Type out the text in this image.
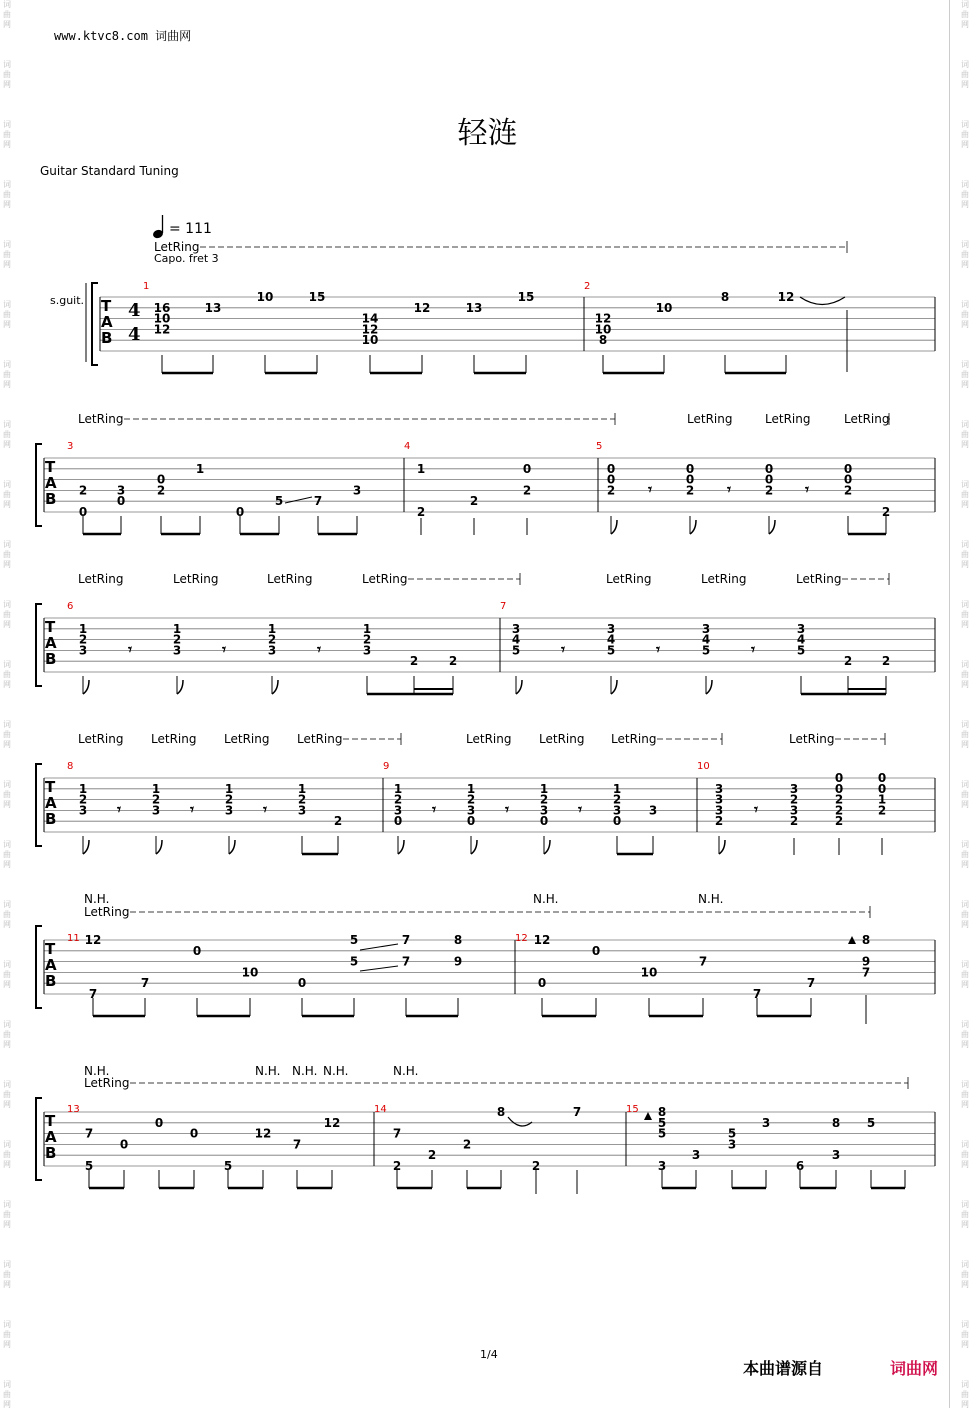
词
曲
网
词
曲
网
词
曲
网
词
曲
网
词
曲
网
词
曲
网
词
曲
网
词
曲
网
词
曲
网
词
曲
网
词
曲
网
词
曲
网
词
曲
网
词
曲
网
词
曲
网
词
曲
网
词
曲
网
词
曲
网
词
曲
网
词
曲
网
词
曲
网
词
曲
网
词
曲
网
词
曲
网
词
曲
网
词
曲
网
词
曲
网
词
曲
网
词
曲
网
词
曲
网
词
曲
网
词
曲
网
词
曲
网
词
曲
网
词
曲
网
词
曲
网
词
曲
网
词
曲
网
词
曲
网
词
曲
网
词
曲
网
词
曲
网
词
曲
网
词
曲
网
词
曲
网
词
曲
网
词
曲
网
词
曲
网
www.ktvc8.com 词曲网
轻涟
Guitar Standard Tuning
= 111
Capo. fret 3
T
A
B
T
A
B
T
A
B
T
A
B
T
A
B
T
A
B
s.guit. 4
4
1	2
3	4	5
6	7
8	9	10
11	12
13	14	15
16
10
12
13
10	15
14
12
10
12	13
15
12
10
8
10
8	12
2
0
3
0
0
2
1
0
5	7
3
1
2
2
0
2
0
0
2
0
0
2
0
0
2
0
0
2
2
1
2
3
1
2
3
1
2
3
1
2
3
2	2
3
4
5
3
4
5
3
4
5
3
4
5
2 2
1
2
3
1
2
3
1
2
3
1
2
3
2
1
2
3
0
1
2
3
0
1
2
3
0
1
2
3
0
3
3
3
3
2
3
2
3
2
0
0
2
2
2
0
0
1
2
12
7
7
0
10
0
5
5
7
7
8
9
12
0
0
10
7
7
7
8
9
7
7
5
0
0
0
5
12
7
12
7
2
2
2
8
2
7	8
5
5
3
3
5
3
3
6
8
3
5
𝄾	𝄾	𝄾
𝄾	𝄾	𝄾	𝄾	𝄾	𝄾
𝄾	𝄾	𝄾	𝄾	𝄾	𝄾	𝄾
LetRing
LetRing	LetRing	LetRing	LetRing
LetRing	LetRing	LetRing	LetRing	LetRing	LetRing	LetRing
LetRing LetRing LetRing LetRing	LetRing LetRing LetRing	LetRing
N.H.	N.H.	N.H.
LetRing
N.H.	N.H. N.H. N.H.	N.H.
LetRing
1/4
本曲谱源自	词曲网
